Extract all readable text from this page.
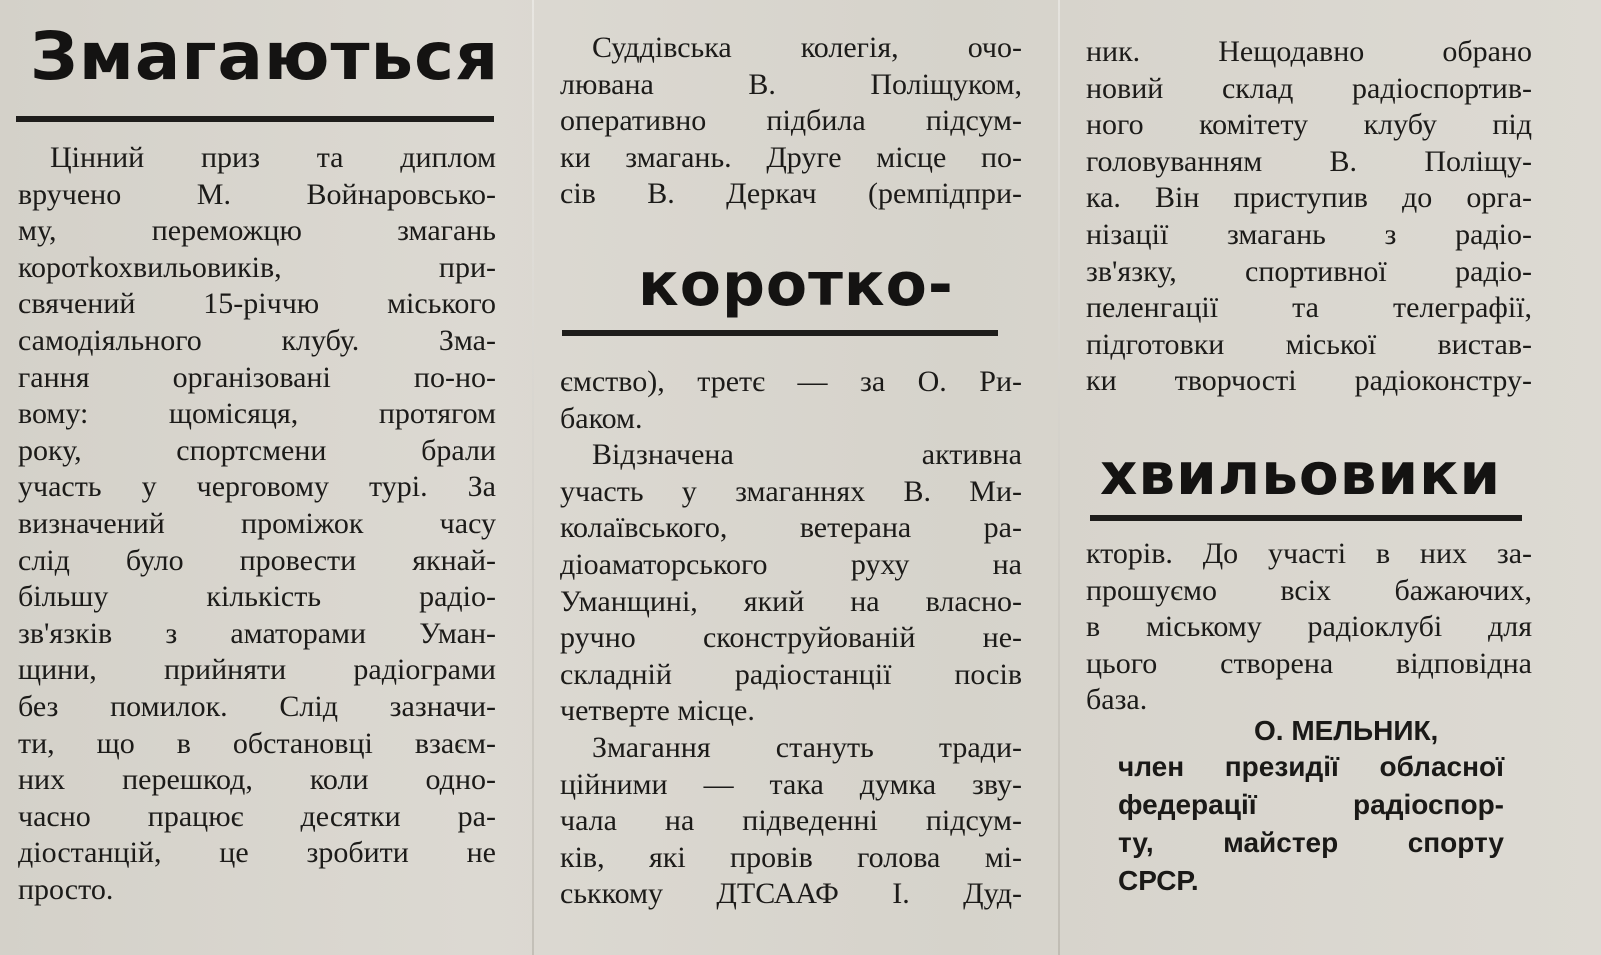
Змагаються
Цінний приз та диплом
вручено М. Войнаровсько-
му, переможцю змагань
коротkохвильовиків, при-
свячений 15-річчю міського
самодіяльного клубу. Зма-
гання організовані по-но-
вому: щомісяця, протягом
року, спортсмени брали
участь у черговому турі. За
визначений проміжок часу
слід було провести якнай-
більшу кількість радіо-
зв'язків з аматорами Уман-
щини, прийняти радіограми
без помилок. Слід зазначи-
ти, що в обстановці взаєм-
них перешкод, коли одно-
часно працює десятки ра-
діостанцій, це зробити не
просто.
Суддівська колегія, очо-
лювана В. Поліщуком,
оперативно підбила підсум-
ки змагань. Друге місце по-
сів В. Деркач (ремпідпри-
коротко-
ємство), третє — за О. Ри-
баком.
Відзначена активна
участь у змаганнях В. Ми-
колаївського, ветерана ра-
діоаматорського руху на
Уманщині, який на власно-
ручно сконструйованій не-
складній радіостанції посів
четверте місце.
Змагання стануть тради-
ційними — така думка зву-
чала на підведенні підсум-
ків, які провів голова мі-
ськкому ДТСААФ І. Дуд-
ник. Нещодавно обрано
новий склад радіоспортив-
ного комітету клубу під
головуванням В. Поліщу-
ка. Він приступив до орга-
нізації змагань з радіо-
зв'язку, спортивної радіо-
пеленгації та телеграфії,
підготовки міської вистав-
ки творчості радіоконстру-
хвильовики
кторів. До участі в них за-
прошуємо всіх бажаючих,
в міському радіоклубі для
цього створена відповідна
база.
О. МЕЛЬНИК,
член президії обласної
федерації радіоспор-
ту, майстер спорту
СРСР.
